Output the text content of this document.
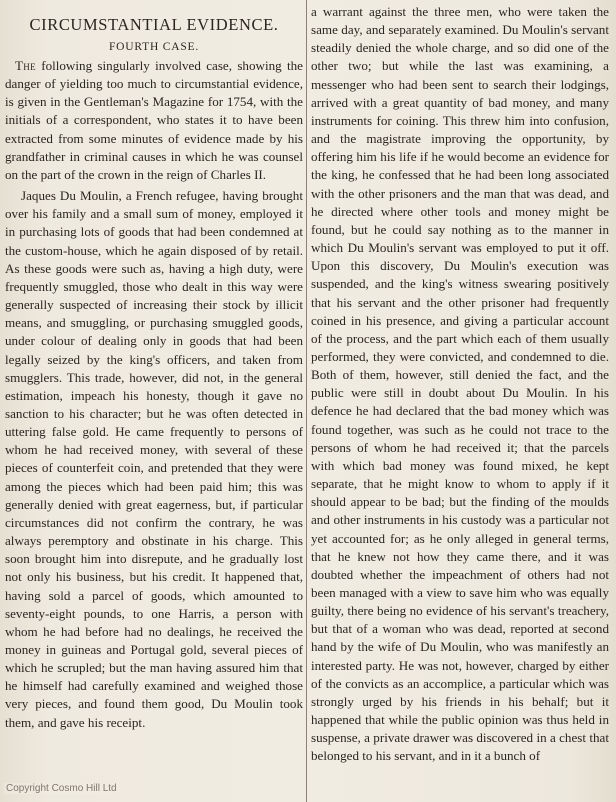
CIRCUMSTANTIAL EVIDENCE.
FOURTH CASE.

The following singularly involved case, showing the danger of yielding too much to circumstantial evidence, is given in the Gentleman's Magazine for 1754, with the initials of a correspondent, who states it to have been extracted from some minutes of evidence made by his grandfather in criminal causes in which he was counsel on the part of the crown in the reign of Charles II.

Jaques Du Moulin, a French refugee, having brought over his family and a small sum of money, employed it in purchasing lots of goods that had been condemned at the custom-house, which he again disposed of by retail. As these goods were such as, having a high duty, were frequently smuggled, those who dealt in this way were generally suspected of increasing their stock by illicit means, and smuggling, or purchasing smuggled goods, under colour of dealing only in goods that had been legally seized by the king's officers, and taken from smugglers. This trade, however, did not, in the general estimation, impeach his honesty, though it gave no sanction to his character; but he was often detected in uttering false gold. He came frequently to persons of whom he had received money, with several of these pieces of counterfeit coin, and pretended that they were among the pieces which had been paid him; this was generally denied with great eagerness, but, if particular circumstances did not confirm the contrary, he was always peremptory and obstinate in his charge. This soon brought him into disrepute, and he gradually lost not only his business, but his credit. It happened that, having sold a parcel of goods, which amounted to seventy-eight pounds, to one Harris, a person with whom he had before had no dealings, he received the money in guineas and Portugal gold, several pieces of which he scrupled; but the man having assured him that he himself had carefully examined and weighed those very pieces, and found them good, Du Moulin took them, and gave his receipt.

a warrant against the three men, who were taken the same day, and separately examined. Du Moulin's servant steadily denied the whole charge, and so did one of the other two; but while the last was examining, a messenger who had been sent to search their lodgings, arrived with a great quantity of bad money, and many instruments for coining. This threw him into confusion, and the magistrate improving the opportunity, by offering him his life if he would become an evidence for the king, he confessed that he had been long associated with the other prisoners and the man that was dead, and he directed where other tools and money might be found, but he could say nothing as to the manner in which Du Moulin's servant was employed to put it off. Upon this discovery, Du Moulin's execution was suspended, and the king's witness swearing positively that his servant and the other prisoner had frequently coined in his presence, and giving a particular account of the process, and the part which each of them usually performed, they were convicted, and condemned to die. Both of them, however, still denied the fact, and the public were still in doubt about Du Moulin. In his defence he had declared that the bad money which was found together, was such as he could not trace to the persons of whom he had received it; that the parcels with which bad money was found mixed, he kept separate, that he might know to whom to apply if it should appear to be bad; but the finding of the moulds and other instruments in his custody was a particular not yet accounted for; as he only alleged in general terms, that he knew not how they came there, and it was doubted whether the impeachment of others had not been managed with a view to save him who was equally guilty, there being no evidence of his servant's treachery, but that of a woman who was dead, reported at second hand by the wife of Du Moulin, who was manifestly an interested party. He was not, however, charged by either of the convicts as an accomplice, a particular which was strongly urged by his friends in his behalf; but it happened that while the public opinion was thus held in suspense, a private drawer was discovered in a chest that belonged to his servant, and in it a bunch of

Copyright Cosmo Hill Ltd
